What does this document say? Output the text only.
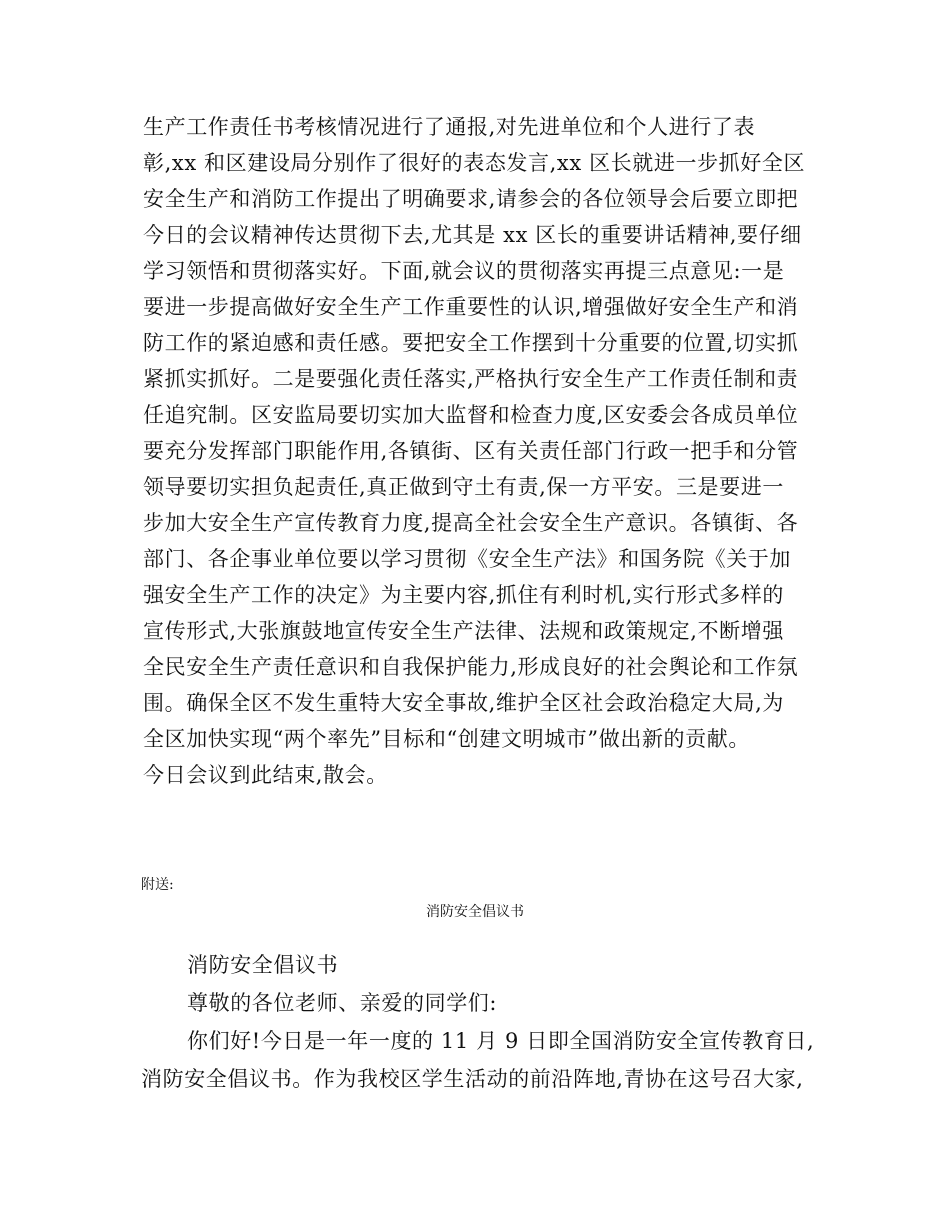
生产工作责任书考核情况进行了通报,对先进单位和个人进行了表
彰,xx 和区建设局分别作了很好的表态发言,xx 区长就进一步抓好全区
安全生产和消防工作提出了明确要求,请参会的各位领导会后要立即把
今日的会议精神传达贯彻下去,尤其是 xx 区长的重要讲话精神,要仔细
学习领悟和贯彻落实好。下面,就会议的贯彻落实再提三点意见:一是
要进一步提高做好安全生产工作重要性的认识,增强做好安全生产和消
防工作的紧迫感和责任感。要把安全工作摆到十分重要的位置,切实抓
紧抓实抓好。二是要强化责任落实,严格执行安全生产工作责任制和责
任追究制。区安监局要切实加大监督和检查力度,区安委会各成员单位
要充分发挥部门职能作用,各镇街、区有关责任部门行政一把手和分管
领导要切实担负起责任,真正做到守土有责,保一方平安。三是要进一
步加大安全生产宣传教育力度,提高全社会安全生产意识。各镇街、各
部门、各企事业单位要以学习贯彻《安全生产法》和国务院《关于加
强安全生产工作的决定》为主要内容,抓住有利时机,实行形式多样的
宣传形式,大张旗鼓地宣传安全生产法律、法规和政策规定,不断增强
全民安全生产责任意识和自我保护能力,形成良好的社会舆论和工作氛
围。确保全区不发生重特大安全事故,维护全区社会政治稳定大局,为
全区加快实现“两个率先”目标和“创建文明城市”做出新的贡献。
今日会议到此结束,散会。
附送:
消防安全倡议书
消防安全倡议书
尊敬的各位老师、亲爱的同学们:
你们好!今日是一年一度的 11 月 9 日即全国消防安全宣传教育日,
消防安全倡议书。作为我校区学生活动的前沿阵地,青协在这号召大家,
